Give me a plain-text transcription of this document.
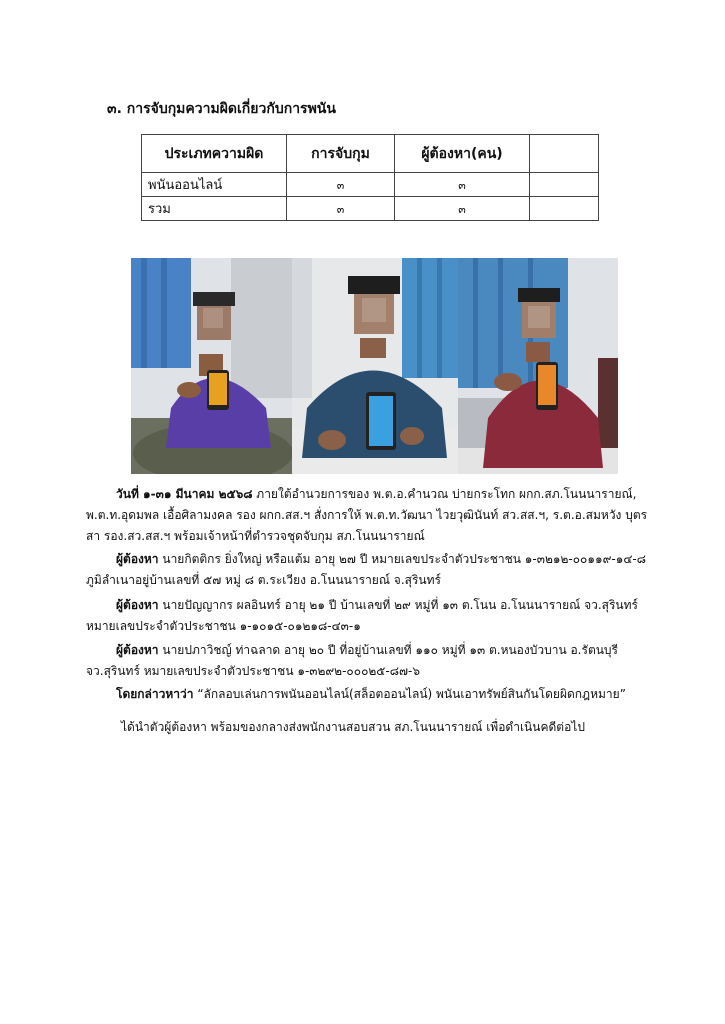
๓. การจับกุมความผิดเกี่ยวกับการพนัน
ประเภทความผิด	การจับกุม	ผู้ต้องหา(คน)	
พนันออนไลน์	๓	๓	
รวม	๓	๓	
วันที่ ๑-๓๑ มีนาคม ๒๕๖๘ ภายใต้อำนวยการของ พ.ต.อ.คำนวณ บ่ายกระโทก ผกก.สภ.โนนนารายณ์,
พ.ต.ท.อุดมพล เอื้อศิลามงคล รอง ผกก.สส.ฯ สั่งการให้ พ.ต.ท.วัฒนา ไวยวุฒินันท์ สว.สส.ฯ, ร.ต.อ.สมหวัง บุตร
สา รอง.สว.สส.ฯ พร้อมเจ้าหน้าที่ตำรวจชุดจับกุม สภ.โนนนารายณ์
ผู้ต้องหา นายกิตติกร ยิ่งใหญ่ หรือแต้ม อายุ ๒๗ ปี หมายเลขประจำตัวประชาชน ๑-๓๒๑๒-๐๐๑๑๙-๑๔-๘
ภูมิลำเนาอยู่บ้านเลขที่ ๕๗ หมู่ ๘ ต.ระเวียง อ.โนนนารายณ์ จ.สุรินทร์
ผู้ต้องหา นายปัญญากร ผลอินทร์ อายุ ๒๑ ปี บ้านเลขที่ ๒๙ หมู่ที่ ๑๓ ต.โนน อ.โนนนารายณ์ จว.สุรินทร์
หมายเลขประจำตัวประชาชน ๑-๑๐๑๕-๐๑๒๑๘-๔๓-๑
ผู้ต้องหา นายปภาวิชญ์ ท่าฉลาด อายุ ๒๐ ปี ที่อยู่บ้านเลขที่ ๑๑๐ หมู่ที่ ๑๓ ต.หนองบัวบาน อ.รัตนบุรี
จว.สุรินทร์ หมายเลขประจำตัวประชาชน ๑-๓๒๙๒-๐๐๐๒๕-๘๗-๖
โดยกล่าวหาว่า “ลักลอบเล่นการพนันออนไลน์(สล็อตออนไลน์) พนันเอาทรัพย์สินกันโดยผิดกฎหมาย”
ได้นำตัวผู้ต้องหา พร้อมของกลางส่งพนักงานสอบสวน สภ.โนนนารายณ์ เพื่อดำเนินคดีต่อไป
